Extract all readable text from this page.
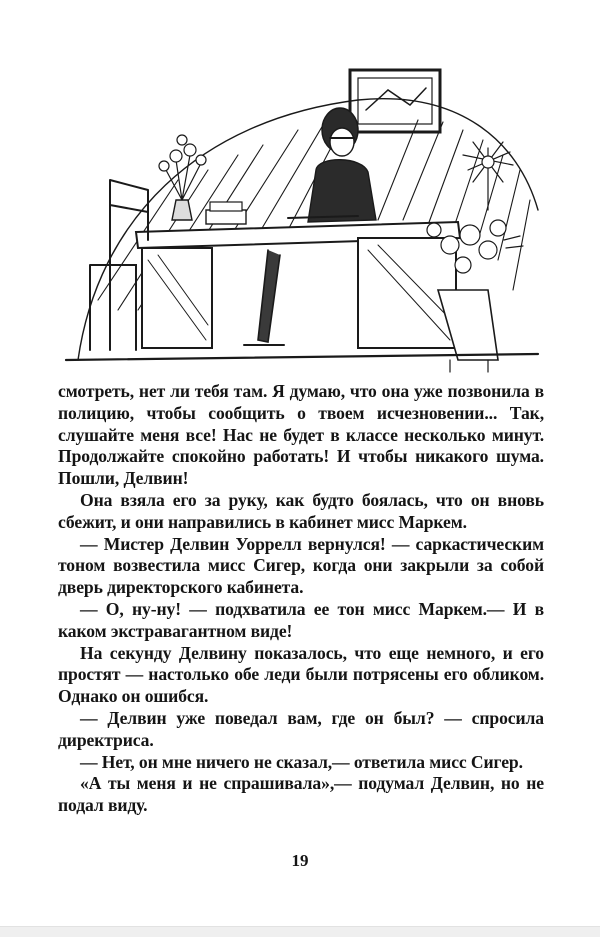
смотреть, нет ли тебя там. Я думаю, что она уже позвонила в полицию, чтобы сообщить о твоем исчезновении... Так, слушайте меня все! Нас не будет в классе несколько минут. Продолжайте спокойно работать! И чтобы никакого шума. Пошли, Делвин!

Она взяла его за руку, как будто боялась, что он вновь сбежит, и они направились в кабинет мисс Маркем.

— Мистер Делвин Уоррелл вернулся! — саркастическим тоном возвестила мисс Сигер, когда они закрыли за собой дверь директорского кабинета.

— О, ну-ну! — подхватила ее тон мисс Маркем.— И в каком экстравагантном виде!

На секунду Делвину показалось, что еще немного, и его простят — настолько обе леди были потрясены его обликом. Однако он ошибся.

— Делвин уже поведал вам, где он был? — спросила директриса.

— Нет, он мне ничего не сказал,— ответила мисс Сигер.

«А ты меня и не спрашивала»,— подумал Делвин, но не подал виду.

19
